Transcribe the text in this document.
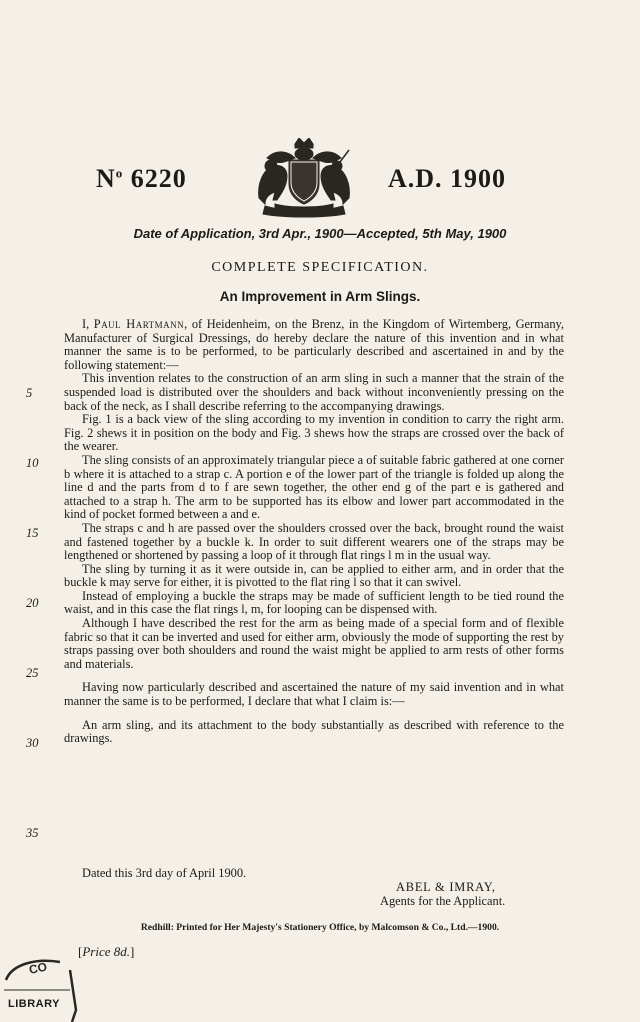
$N^o$ 6220	A.D. 1900
Date of Application, 3rd Apr., 1900—Accepted, 5th May, 1900
COMPLETE SPECIFICATION.
An Improvement in Arm Slings.

I, Paul Hartmann, of Heidenheim, on the Brenz, in the Kingdom of Wirtemberg, Germany, Manufacturer of Surgical Dressings, do hereby declare the nature of this invention and in what manner the same is to be performed, to be particularly described and ascertained in and by the following statement:—

This invention relates to the construction of an arm sling in such a manner that the strain of the suspended load is distributed over the shoulders and back without inconveniently pressing on the back of the neck, as I shall describe referring to the accompanying drawings.

Fig. 1 is a back view of the sling according to my invention in condition to carry the right arm. Fig. 2 shews it in position on the body and Fig. 3 shews how the straps are crossed over the back of the wearer.

The sling consists of an approximately triangular piece a of suitable fabric gathered at one corner b where it is attached to a strap c. A portion e of the lower part of the triangle is folded up along the line d and the parts from d to f are sewn together, the other end g of the part e is gathered and attached to a strap h. The arm to be supported has its elbow and lower part accommodated in the kind of pocket formed between a and e.

The straps c and h are passed over the shoulders crossed over the back, brought round the waist and fastened together by a buckle k. In order to suit different wearers one of the straps may be lengthened or shortened by passing a loop of it through flat rings l m in the usual way.

The sling by turning it as it were outside in, can be applied to either arm, and in order that the buckle k may serve for either, it is pivotted to the flat ring l so that it can swivel.

Instead of employing a buckle the straps may be made of sufficient length to be tied round the waist, and in this case the flat rings l, m, for looping can be dispensed with.

Although I have described the rest for the arm as being made of a special form and of flexible fabric so that it can be inverted and used for either arm, obviously the mode of supporting the rest by straps passing over both shoulders and round the waist might be applied to arm rests of other forms and materials.

Having now particularly described and ascertained the nature of my said invention and in what manner the same is to be performed, I declare that what I claim is:—

An arm sling, and its attachment to the body substantially as described with reference to the drawings.

5
10
15
20
25
30
35
Dated this 3rd day of April 1900.
ABEL & IMRAY,
Agents for the Applicant.
Redhill: Printed for Her Majesty's Stationery Office, by Malcomson & Co., Ltd.—1900.
[Price 8d.]
CO
LIBRARY
